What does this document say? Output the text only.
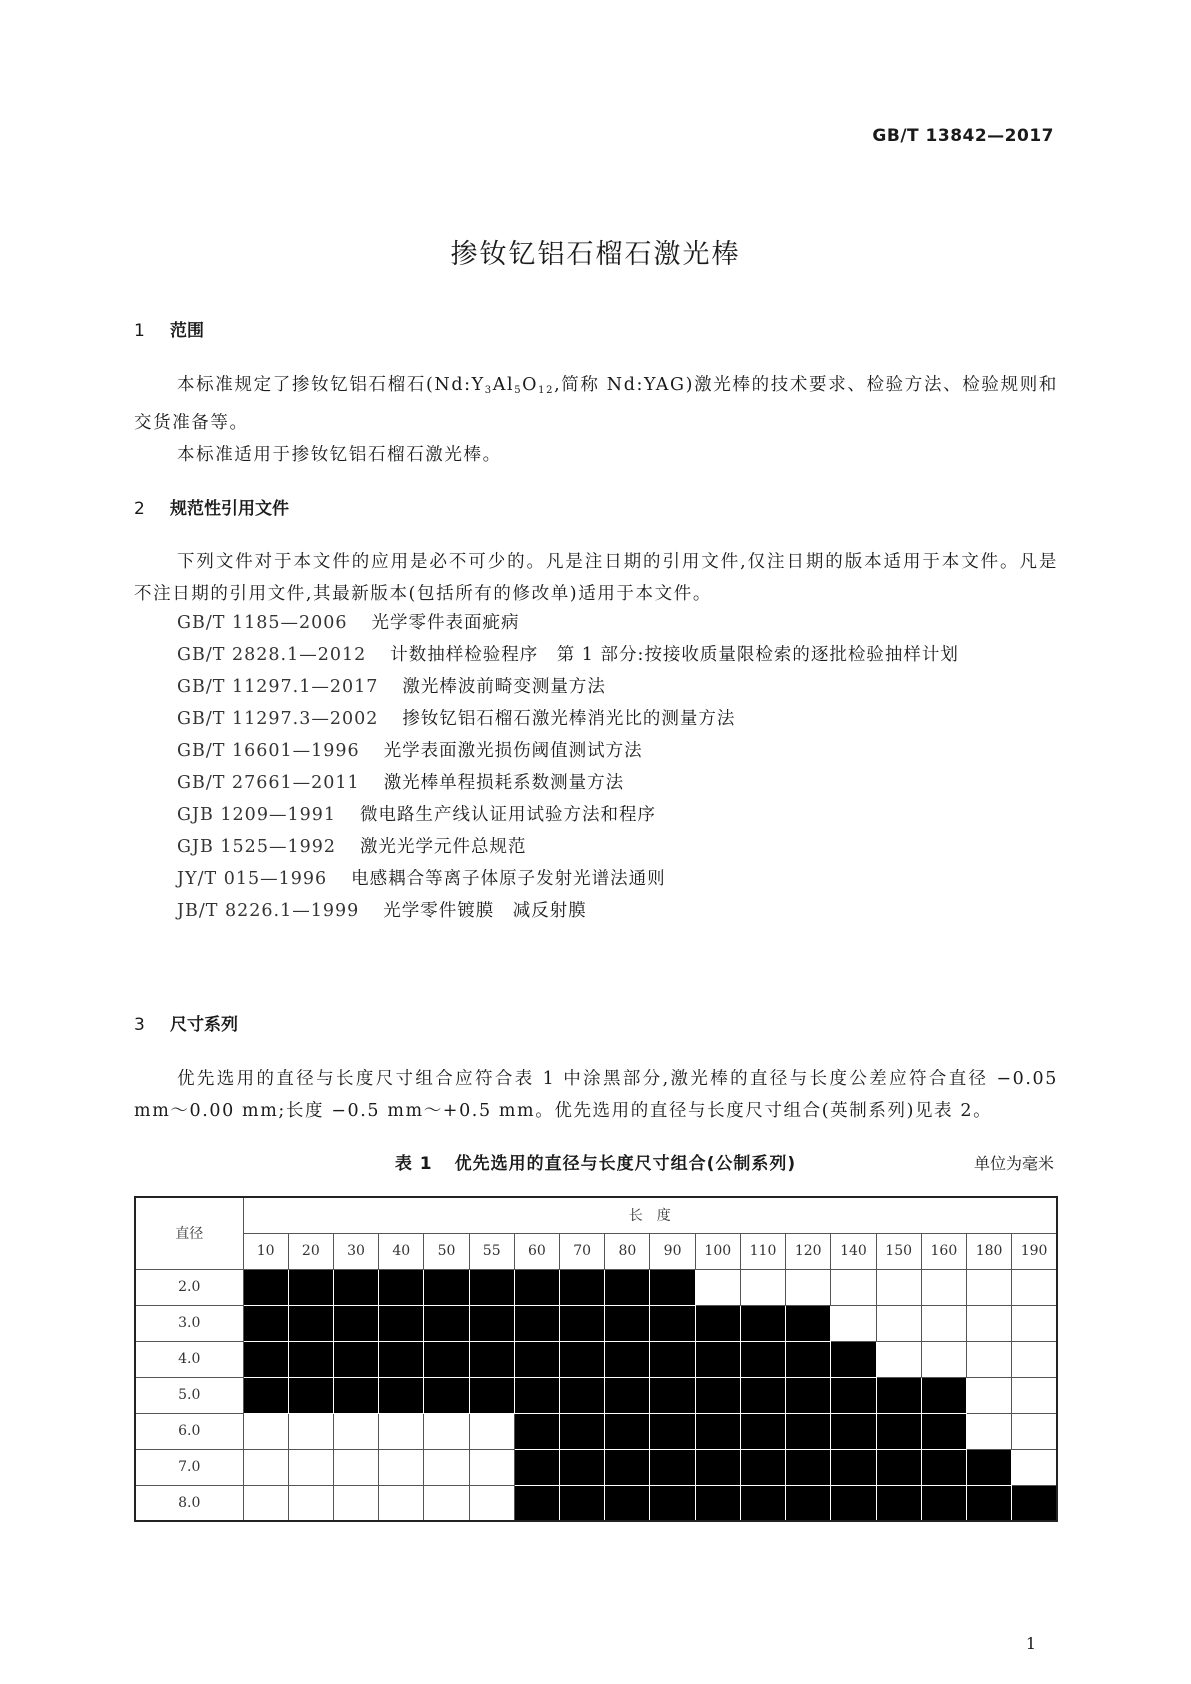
GB/T 13842—2017
掺钕钇铝石榴石激光棒
1 范围

本标准规定了掺钕钇铝石榴石($Nd:Y_3Al_5O_{12}$,简称 Nd:YAG)激光棒的技术要求、检验方法、检验规则和交货准备等。

本标准适用于掺钕钇铝石榴石激光棒。

2 规范性引用文件

下列文件对于本文件的应用是必不可少的。凡是注日期的引用文件,仅注日期的版本适用于本文件。凡是不注日期的引用文件,其最新版本(包括所有的修改单)适用于本文件。

GB/T 1185—2006 光学零件表面疵病
GB/T 2828.1—2012 计数抽样检验程序　第 1 部分:按接收质量限检索的逐批检验抽样计划
GB/T 11297.1—2017 激光棒波前畸变测量方法
GB/T 11297.3—2002 掺钕钇铝石榴石激光棒消光比的测量方法
GB/T 16601—1996 光学表面激光损伤阈值测试方法
GB/T 27661—2011 激光棒单程损耗系数测量方法
GJB 1209—1991 微电路生产线认证用试验方法和程序
GJB 1525—1992 激光光学元件总规范
JY/T 015—1996 电感耦合等离子体原子发射光谱法通则
JB/T 8226.1—1999 光学零件镀膜　减反射膜
3 尺寸系列

优先选用的直径与长度尺寸组合应符合表 1 中涂黑部分,激光棒的直径与长度公差应符合直径 −0.05 mm～0.00 mm;长度 −0.5 mm～+0.5 mm。优先选用的直径与长度尺寸组合(英制系列)见表 2。

表 1 优先选用的直径与长度尺寸组合(公制系列)	单位为毫米
直径	长　度																	
	10	20	30	40	50	55	60	70	80	90	100	110	120	140	150	160	180	190
2.0																		
3.0																		
4.0																		
5.0																		
6.0																		
7.0																		
8.0																		
1
